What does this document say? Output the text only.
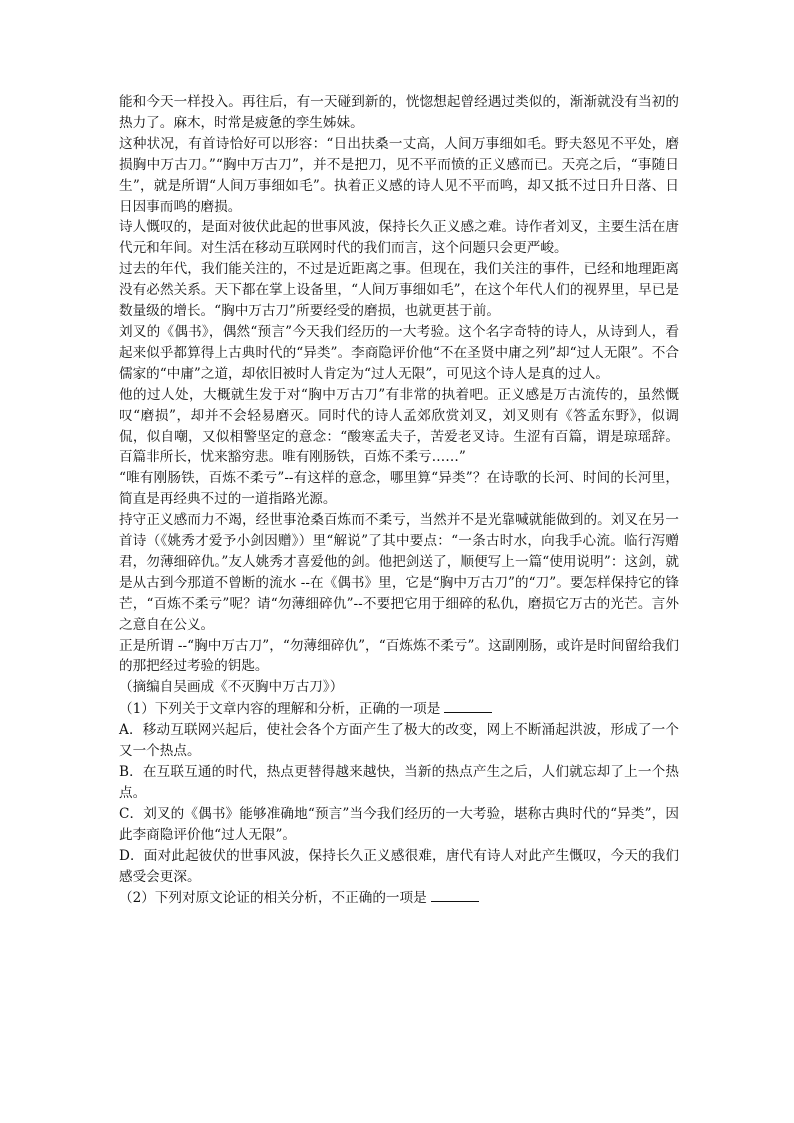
能和今天一样投入。再往后，有一天碰到新的，恍惚想起曾经遇过类似的，渐渐就没有当初的热力了。麻木，时常是疲惫的孪生姊妹。

这种状况，有首诗恰好可以形容：“日出扶桑一丈高，人间万事细如毛。野夫怒见不平处，磨损胸中万古刀。”“胸中万古刀”，并不是把刀，见不平而愤的正义感而已。天亮之后，“事随日生”，就是所谓“人间万事细如毛”。执着正义感的诗人见不平而鸣，却又抵不过日升日落、日日因事而鸣的磨损。

诗人慨叹的，是面对彼伏此起的世事风波，保持长久正义感之难。诗作者刘叉，主要生活在唐代元和年间。对生活在移动互联网时代的我们而言，这个问题只会更严峻。

过去的年代，我们能关注的，不过是近距离之事。但现在，我们关注的事件，已经和地理距离没有必然关系。天下都在掌上设备里，“人间万事细如毛”，在这个年代人们的视界里，早已是数量级的增长。“胸中万古刀”所要经受的磨损，也就更甚于前。

刘叉的《偶书》，偶然“预言”今天我们经历的一大考验。这个名字奇特的诗人，从诗到人，看起来似乎都算得上古典时代的“异类”。李商隐评价他“不在圣贤中庸之列”却“过人无限”。不合儒家的“中庸”之道，却依旧被时人肯定为“过人无限”，可见这个诗人是真的过人。

他的过人处，大概就生发于对“胸中万古刀”有非常的执着吧。正义感是万古流传的，虽然慨叹“磨损”，却并不会轻易磨灭。同时代的诗人孟郊欣赏刘叉，刘叉则有《答孟东野》，似调侃，似自嘲，又似相警坚定的意念：“酸寒孟夫子，苦爱老叉诗。生涩有百篇，谓是琼瑶辞。百篇非所长，忧来豁穷悲。唯有刚肠铁，百炼不柔亏……”

“唯有刚肠铁，百炼不柔亏”--有这样的意念，哪里算“异类”？在诗歌的长河、时间的长河里，简直是再经典不过的一道指路光源。

持守正义感而力不竭，经世事沧桑百炼而不柔亏，当然并不是光靠喊就能做到的。刘叉在另一首诗（《姚秀才爱予小剑因赠》）里“解说”了其中要点：“一条古时水，向我手心流。临行泻赠君，勿薄细碎仇。”友人姚秀才喜爱他的剑。他把剑送了，顺便写上一篇“使用说明”：这剑，就是从古到今那道不曾断的流水 --在《偶书》里，它是“胸中万古刀”的“刀”。要怎样保持它的锋芒，“百炼不柔亏”呢？请“勿薄细碎仇”--不要把它用于细碎的私仇，磨损它万古的光芒。言外之意自在公义。

正是所谓 --“胸中万古刀”，“勿薄细碎仇”，“百炼炼不柔亏”。这副刚肠，或许是时间留给我们的那把经过考验的钥匙。

（摘编自吴画成《不灭胸中万古刀》）

（1）下列关于文章内容的理解和分析，正确的一项是

A．移动互联网兴起后，使社会各个方面产生了极大的改变，网上不断涌起洪波，形成了一个又一个热点。

B．在互联互通的时代，热点更替得越来越快，当新的热点产生之后，人们就忘却了上一个热点。

C．刘叉的《偶书》能够准确地“预言”当今我们经历的一大考验，堪称古典时代的“异类”，因此李商隐评价他“过人无限”。

D．面对此起彼伏的世事风波，保持长久正义感很难，唐代有诗人对此产生慨叹，今天的我们感受会更深。

（2）下列对原文论证的相关分析，不正确的一项是
